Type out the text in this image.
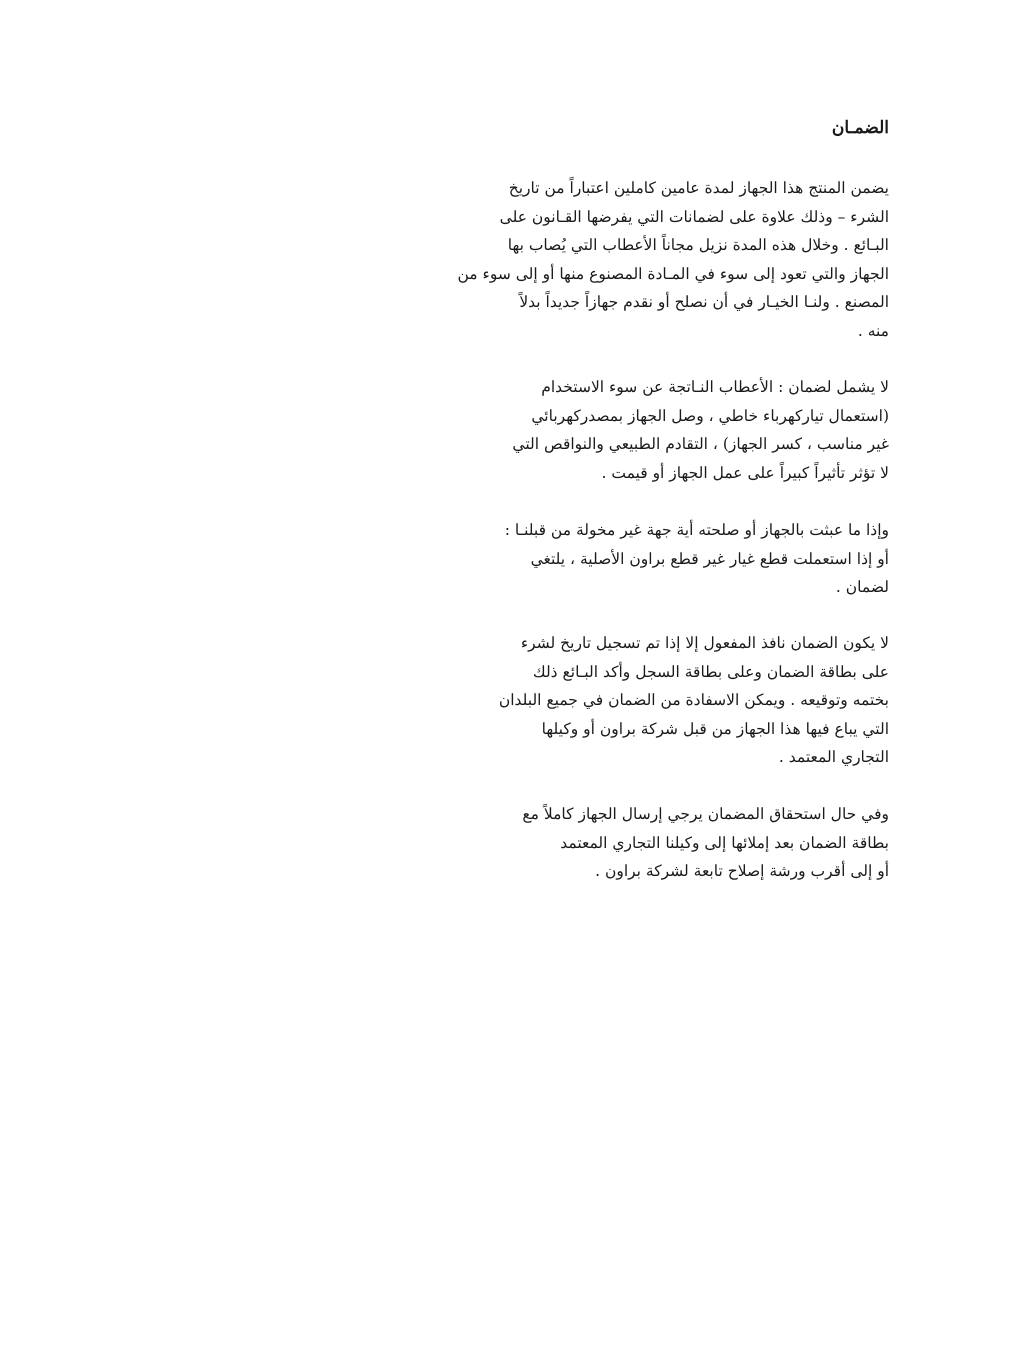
الضمـان
يضمن المنتج هذا الجهاز لمدة عامين كاملين اعتباراً من تاريخ
الشرء – وذلك علاوة على لضمانات التي يفرضها القـانون على
البـائع . وخلال هذه المدة نزيل مجاناً الأعطاب التي يُصاب بها
الجهاز والتي تعود إلى سوء في المـادة المصنوع منها أو إلى سوء من
المصنع . ولنـا الخيـار في أن نصلح أو نقدم جهازاً جديداً بدلاً
منه .
لا يشمل لضمان : الأعطاب النـاتجة عن سوء الاستخدام
(استعمال تياركهرباء خاطي ، وصل الجهاز بمصدركهربائي
غير مناسب ، كسر الجهاز) ، التقادم الطبيعي والنواقص التي
لا تؤثر تأثيراً كبيراً على عمل الجهاز أو قيمت .
وإذا ما عبثت بالجهاز أو صلحته أية جهة غير مخولة من قبلنـا :
أو إذا استعملت قطع غيار غير قطع براون الأصلية ، يلتغي
لضمان .
لا يكون الضمان نافذ المفعول إلا إذا تم تسجيل تاريخ لشرء
على بطاقة الضمان وعلى بطاقة السجل وأكد البـائع ذلك
بختمه وتوقيعه . ويمكن الاسفادة من الضمان في جميع البلدان
التي يباع فيها هذا الجهاز من قبل شركة براون أو وكيلها
التجاري المعتمد .
وفي حال استحقاق المضمان يرجي إرسال الجهاز كاملاً مع
بطاقة الضمان بعد إملائها إلى وكيلنا التجاري المعتمد
أو إلى أقرب ورشة إصلاح تابعة لشركة براون .
